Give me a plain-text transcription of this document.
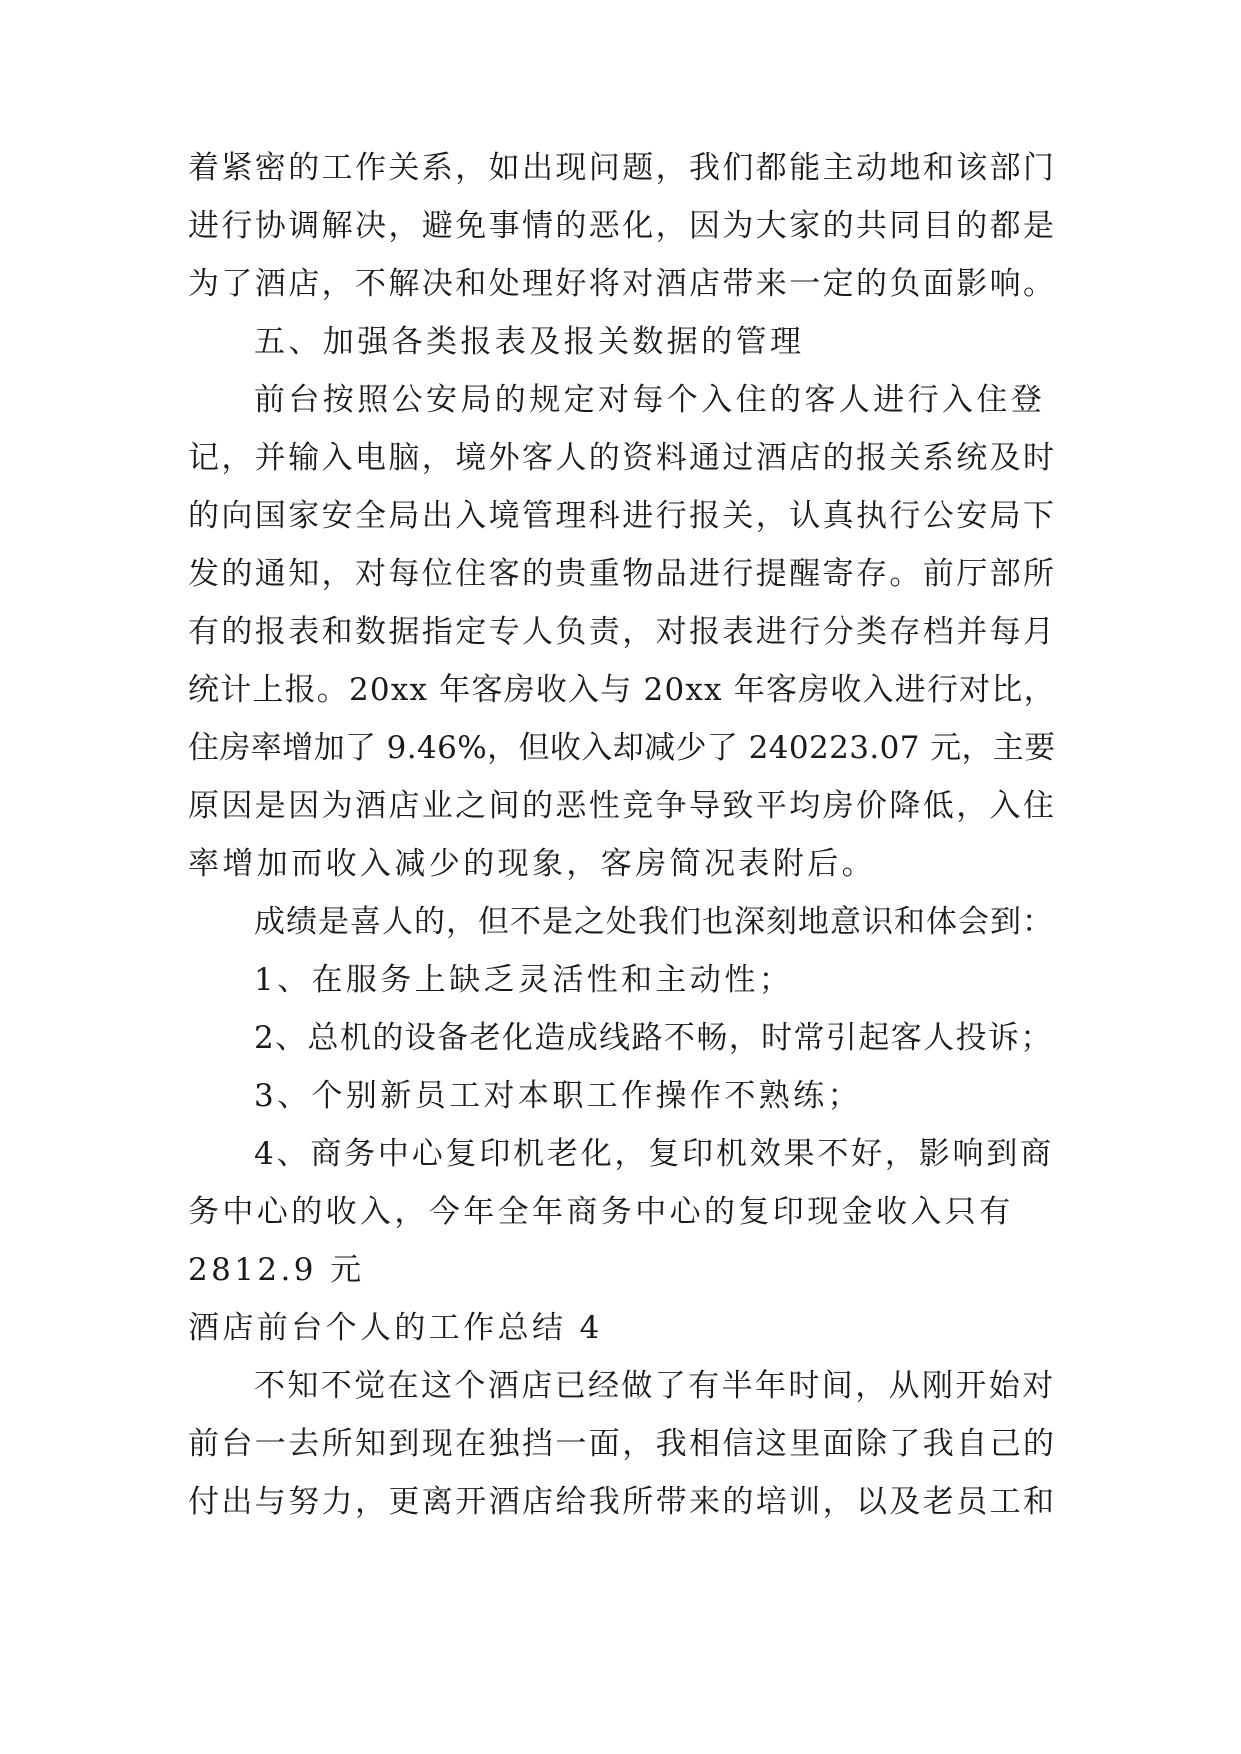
着紧密的工作关系，如出现问题，我们都能主动地和该部门
进行协调解决，避免事情的恶化，因为大家的共同目的都是
为了酒店，不解决和处理好将对酒店带来一定的负面影响。
五、加强各类报表及报关数据的管理
前台按照公安局的规定对每个入住的客人进行入住登
记，并输入电脑，境外客人的资料通过酒店的报关系统及时
的向国家安全局出入境管理科进行报关，认真执行公安局下
发的通知，对每位住客的贵重物品进行提醒寄存。前厅部所
有的报表和数据指定专人负责，对报表进行分类存档并每月
统计上报。20xx 年客房收入与 20xx 年客房收入进行对比，
住房率增加了 9.46%，但收入却减少了 240223.07 元，主要
原因是因为酒店业之间的恶性竞争导致平均房价降低，入住
率增加而收入减少的现象，客房简况表附后。
成绩是喜人的，但不是之处我们也深刻地意识和体会到：
1、在服务上缺乏灵活性和主动性；
2、总机的设备老化造成线路不畅，时常引起客人投诉；
3、个别新员工对本职工作操作不熟练；
4、商务中心复印机老化，复印机效果不好，影响到商
务中心的收入，今年全年商务中心的复印现金收入只有
2812.9 元
酒店前台个人的工作总结 4
不知不觉在这个酒店已经做了有半年时间，从刚开始对
前台一去所知到现在独挡一面，我相信这里面除了我自己的
付出与努力，更离开酒店给我所带来的培训，以及老员工和
